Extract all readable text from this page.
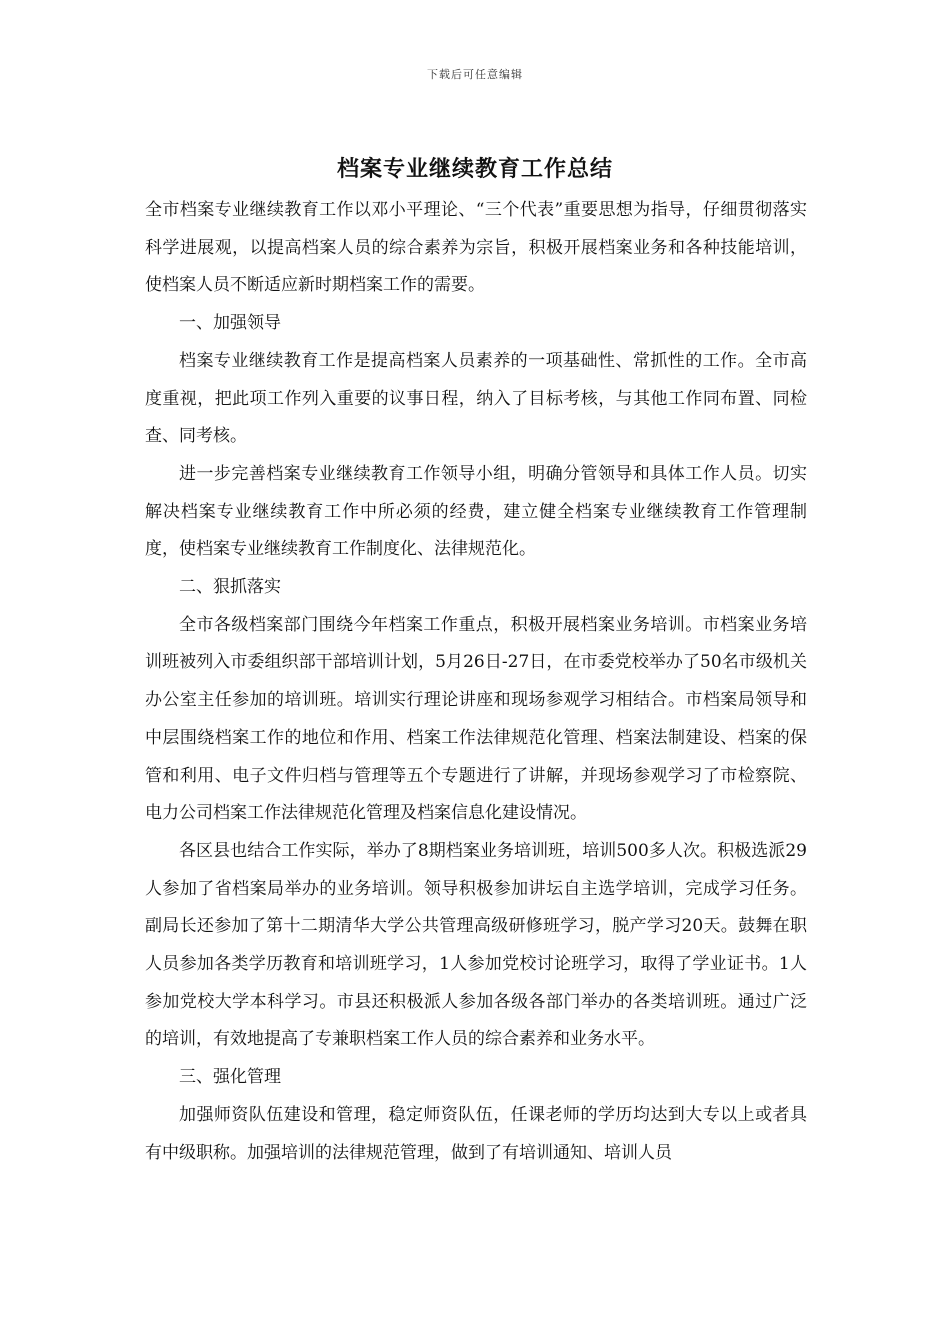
下载后可任意编辑
档案专业继续教育工作总结

全市档案专业继续教育工作以邓小平理论、“三个代表”重要思想为指导，仔细贯彻落实科学进展观，以提高档案人员的综合素养为宗旨，积极开展档案业务和各种技能培训，使档案人员不断适应新时期档案工作的需要。

一、加强领导

档案专业继续教育工作是提高档案人员素养的一项基础性、常抓性的工作。全市高度重视，把此项工作列入重要的议事日程，纳入了目标考核，与其他工作同布置、同检查、同考核。

进一步完善档案专业继续教育工作领导小组，明确分管领导和具体工作人员。切实解决档案专业继续教育工作中所必须的经费，建立健全档案专业继续教育工作管理制度，使档案专业继续教育工作制度化、法律规范化。

二、狠抓落实

全市各级档案部门围绕今年档案工作重点，积极开展档案业务培训。市档案业务培训班被列入市委组织部干部培训计划，5月26日-27日，在市委党校举办了50名市级机关办公室主任参加的培训班。培训实行理论讲座和现场参观学习相结合。市档案局领导和中层围绕档案工作的地位和作用、档案工作法律规范化管理、档案法制建设、档案的保管和利用、电子文件归档与管理等五个专题进行了讲解，并现场参观学习了市检察院、电力公司档案工作法律规范化管理及档案信息化建设情况。

各区县也结合工作实际，举办了8期档案业务培训班，培训500多人次。积极选派29人参加了省档案局举办的业务培训。领导积极参加讲坛自主选学培训，完成学习任务。副局长还参加了第十二期清华大学公共管理高级研修班学习，脱产学习20天。鼓舞在职人员参加各类学历教育和培训班学习，1人参加党校讨论班学习，取得了学业证书。1人参加党校大学本科学习。市县还积极派人参加各级各部门举办的各类培训班。通过广泛的培训，有效地提高了专兼职档案工作人员的综合素养和业务水平。

三、强化管理

加强师资队伍建设和管理，稳定师资队伍，任课老师的学历均达到大专以上或者具有中级职称。加强培训的法律规范管理，做到了有培训通知、培训人员
